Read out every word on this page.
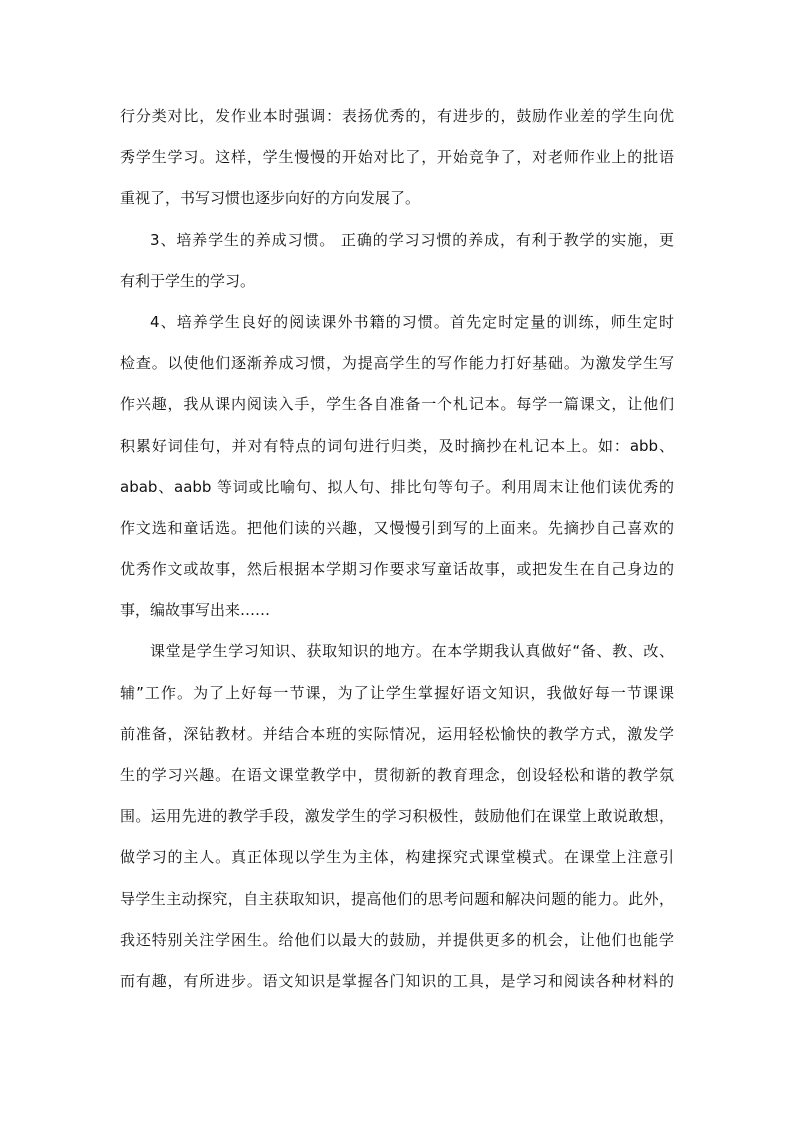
行分类对比，发作业本时强调：表扬优秀的，有进步的，鼓励作业差的学生向优
秀学生学习。这样，学生慢慢的开始对比了，开始竞争了，对老师作业上的批语
重视了，书写习惯也逐步向好的方向发展了。
3、培养学生的养成习惯。 正确的学习习惯的养成，有利于教学的实施，更
有利于学生的学习。
4、培养学生良好的阅读课外书籍的习惯。首先定时定量的训练，师生定时
检查。以使他们逐渐养成习惯，为提高学生的写作能力打好基础。为激发学生写
作兴趣，我从课内阅读入手，学生各自准备一个札记本。每学一篇课文，让他们
积累好词佳句，并对有特点的词句进行归类，及时摘抄在札记本上。如：abb、
abab、aabb 等词或比喻句、拟人句、排比句等句子。利用周末让他们读优秀的
作文选和童话选。把他们读的兴趣，又慢慢引到写的上面来。先摘抄自己喜欢的
优秀作文或故事，然后根据本学期习作要求写童话故事，或把发生在自己身边的
事，编故事写出来……
课堂是学生学习知识、获取知识的地方。在本学期我认真做好“备、教、改、
辅”工作。为了上好每一节课，为了让学生掌握好语文知识，我做好每一节课课
前准备，深钻教材。并结合本班的实际情况，运用轻松愉快的教学方式，激发学
生的学习兴趣。在语文课堂教学中，贯彻新的教育理念，创设轻松和谐的教学氛
围。运用先进的教学手段，激发学生的学习积极性，鼓励他们在课堂上敢说敢想，
做学习的主人。真正体现以学生为主体，构建探究式课堂模式。在课堂上注意引
导学生主动探究，自主获取知识，提高他们的思考问题和解决问题的能力。此外，
我还特别关注学困生。给他们以最大的鼓励，并提供更多的机会，让他们也能学
而有趣，有所进步。语文知识是掌握各门知识的工具，是学习和阅读各种材料的
